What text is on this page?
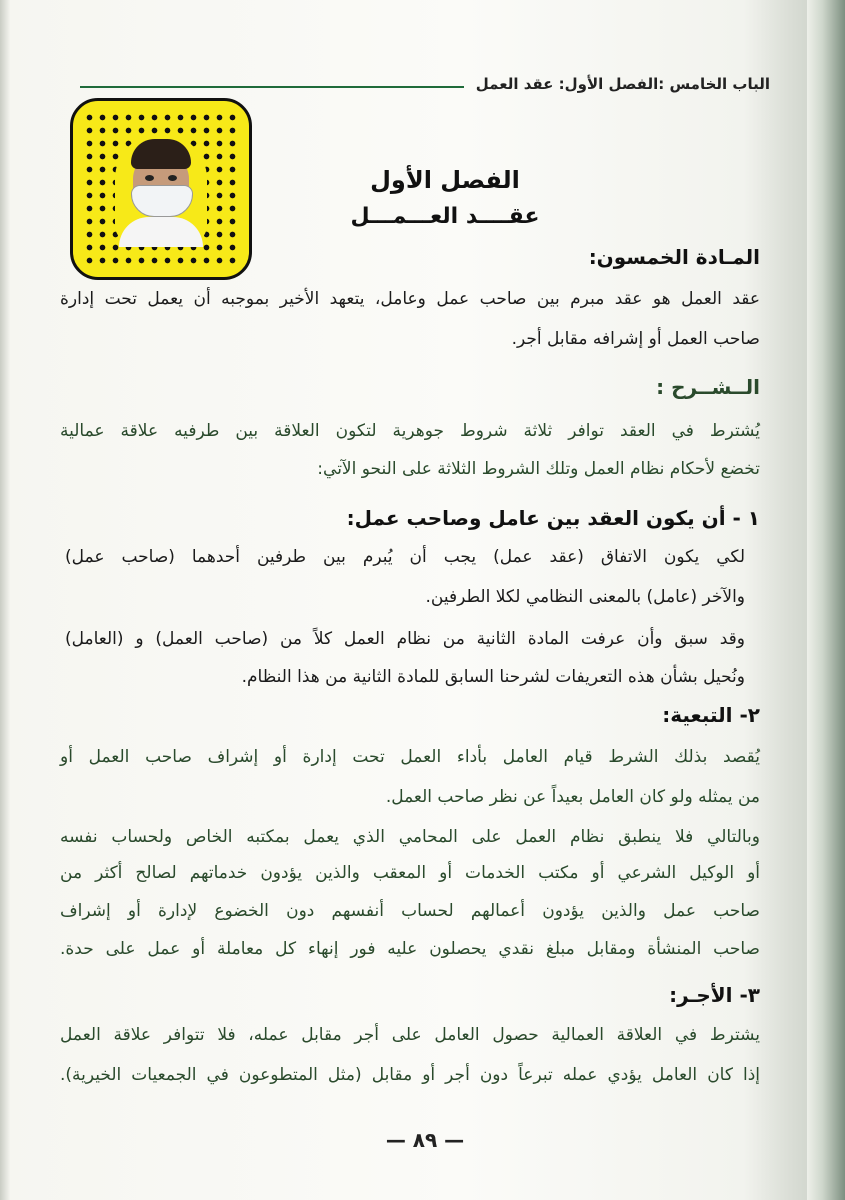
الباب الخامس :الفصل الأول: عقد العمل
الفصل الأول
عقــــد العـــمـــل
المـادة الخمسون:
عقد العمل هو عقد مبرم بين صاحب عمل وعامل، يتعهد الأخير بموجبه أن يعمل تحت إدارة
صاحب العمل أو إشرافه مقابل أجر.
الــشــرح :
يُشترط في العقد توافر ثلاثة شروط جوهرية لتكون العلاقة بين طرفيه علاقة عمالية
تخضع لأحكام نظام العمل وتلك الشروط الثلاثة على النحو الآتي:
١ - أن يكون العقد بين عامل وصاحب عمل:
لكي يكون الاتفاق (عقد عمل) يجب أن يُبرم بين طرفين أحدهما (صاحب عمل)
والآخر (عامل) بالمعنى النظامي لكلا الطرفين.
وقد سبق وأن عرفت المادة الثانية من نظام العمل كلاً من (صاحب العمل) و (العامل)
ونُحيل بشأن هذه التعريفات لشرحنا السابق للمادة الثانية من هذا النظام.
٢- التبعية:
يُقصد بذلك الشرط قيام العامل بأداء العمل تحت إدارة أو إشراف صاحب العمل أو
من يمثله ولو كان العامل بعيداً عن نظر صاحب العمل.
وبالتالي فلا ينطبق نظام العمل على المحامي الذي يعمل بمكتبه الخاص ولحساب نفسه
أو الوكيل الشرعي أو مكتب الخدمات أو المعقب والذين يؤدون خدماتهم لصالح أكثر من
صاحب عمل والذين يؤدون أعمالهم لحساب أنفسهم دون الخضوع لإدارة أو إشراف
صاحب المنشأة ومقابل مبلغ نقدي يحصلون عليه فور إنهاء كل معاملة أو عمل على حدة.
٣- الأجـر:
يشترط في العلاقة العمالية حصول العامل على أجر مقابل عمله، فلا تتوافر علاقة العمل
إذا كان العامل يؤدي عمله تبرعاً دون أجر أو مقابل (مثل المتطوعون في الجمعيات الخيرية).
— ٨٩ —
